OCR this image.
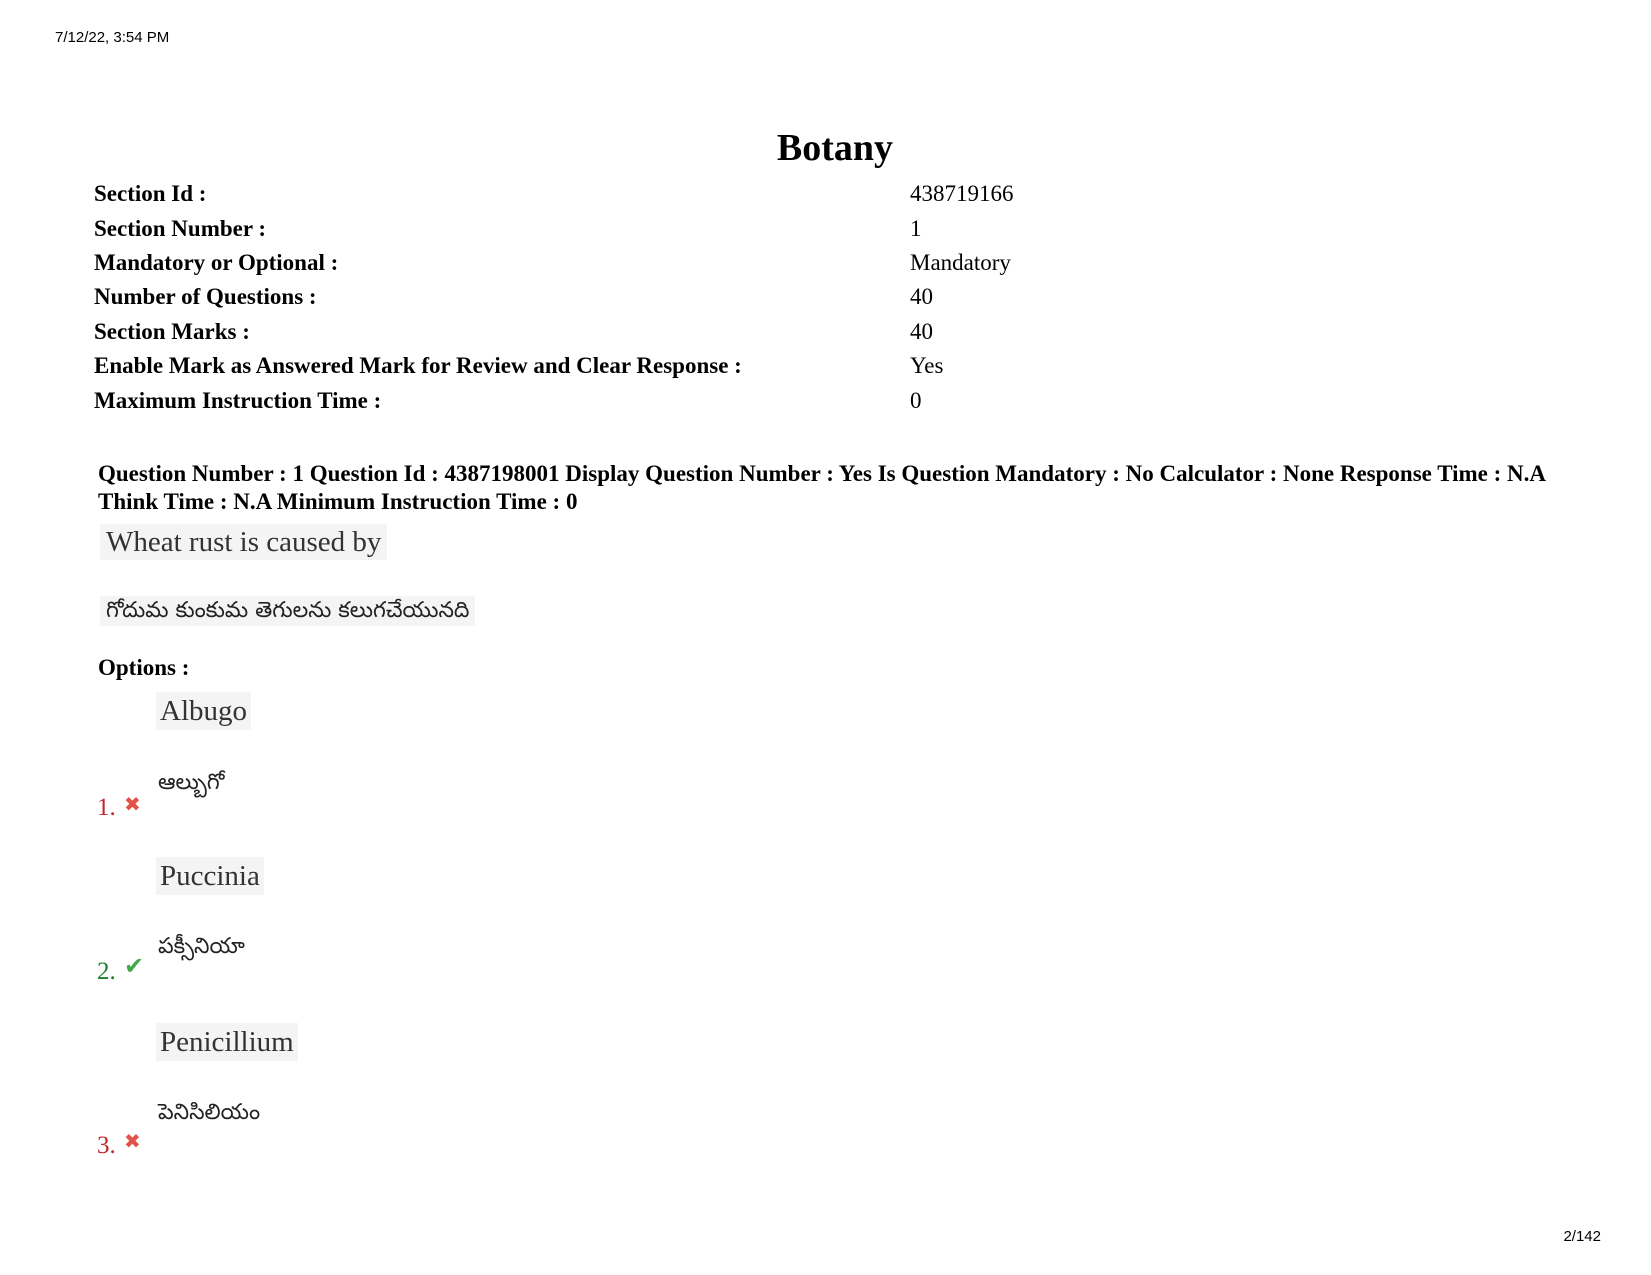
7/12/22, 3:54 PM
Botany
Section Id :	438719166
Section Number :	1
Mandatory or Optional :	Mandatory
Number of Questions :	40
Section Marks :	40
Enable Mark as Answered Mark for Review and Clear Response :	Yes
Maximum Instruction Time :	0
Question Number : 1 Question Id : 4387198001 Display Question Number : Yes Is Question Mandatory : No Calculator : None Response Time : N.A Think Time : N.A Minimum Instruction Time : 0
Wheat rust is caused by
గోదుమ కుంకుమ తెగులను కలుగచేయునది
Options :
Albugo
ఆల్బుగో
1. ✖
Puccinia
పక్సీనియా
2. ✔
Penicillium
పెనిసిలియం
3. ✖
2/142
